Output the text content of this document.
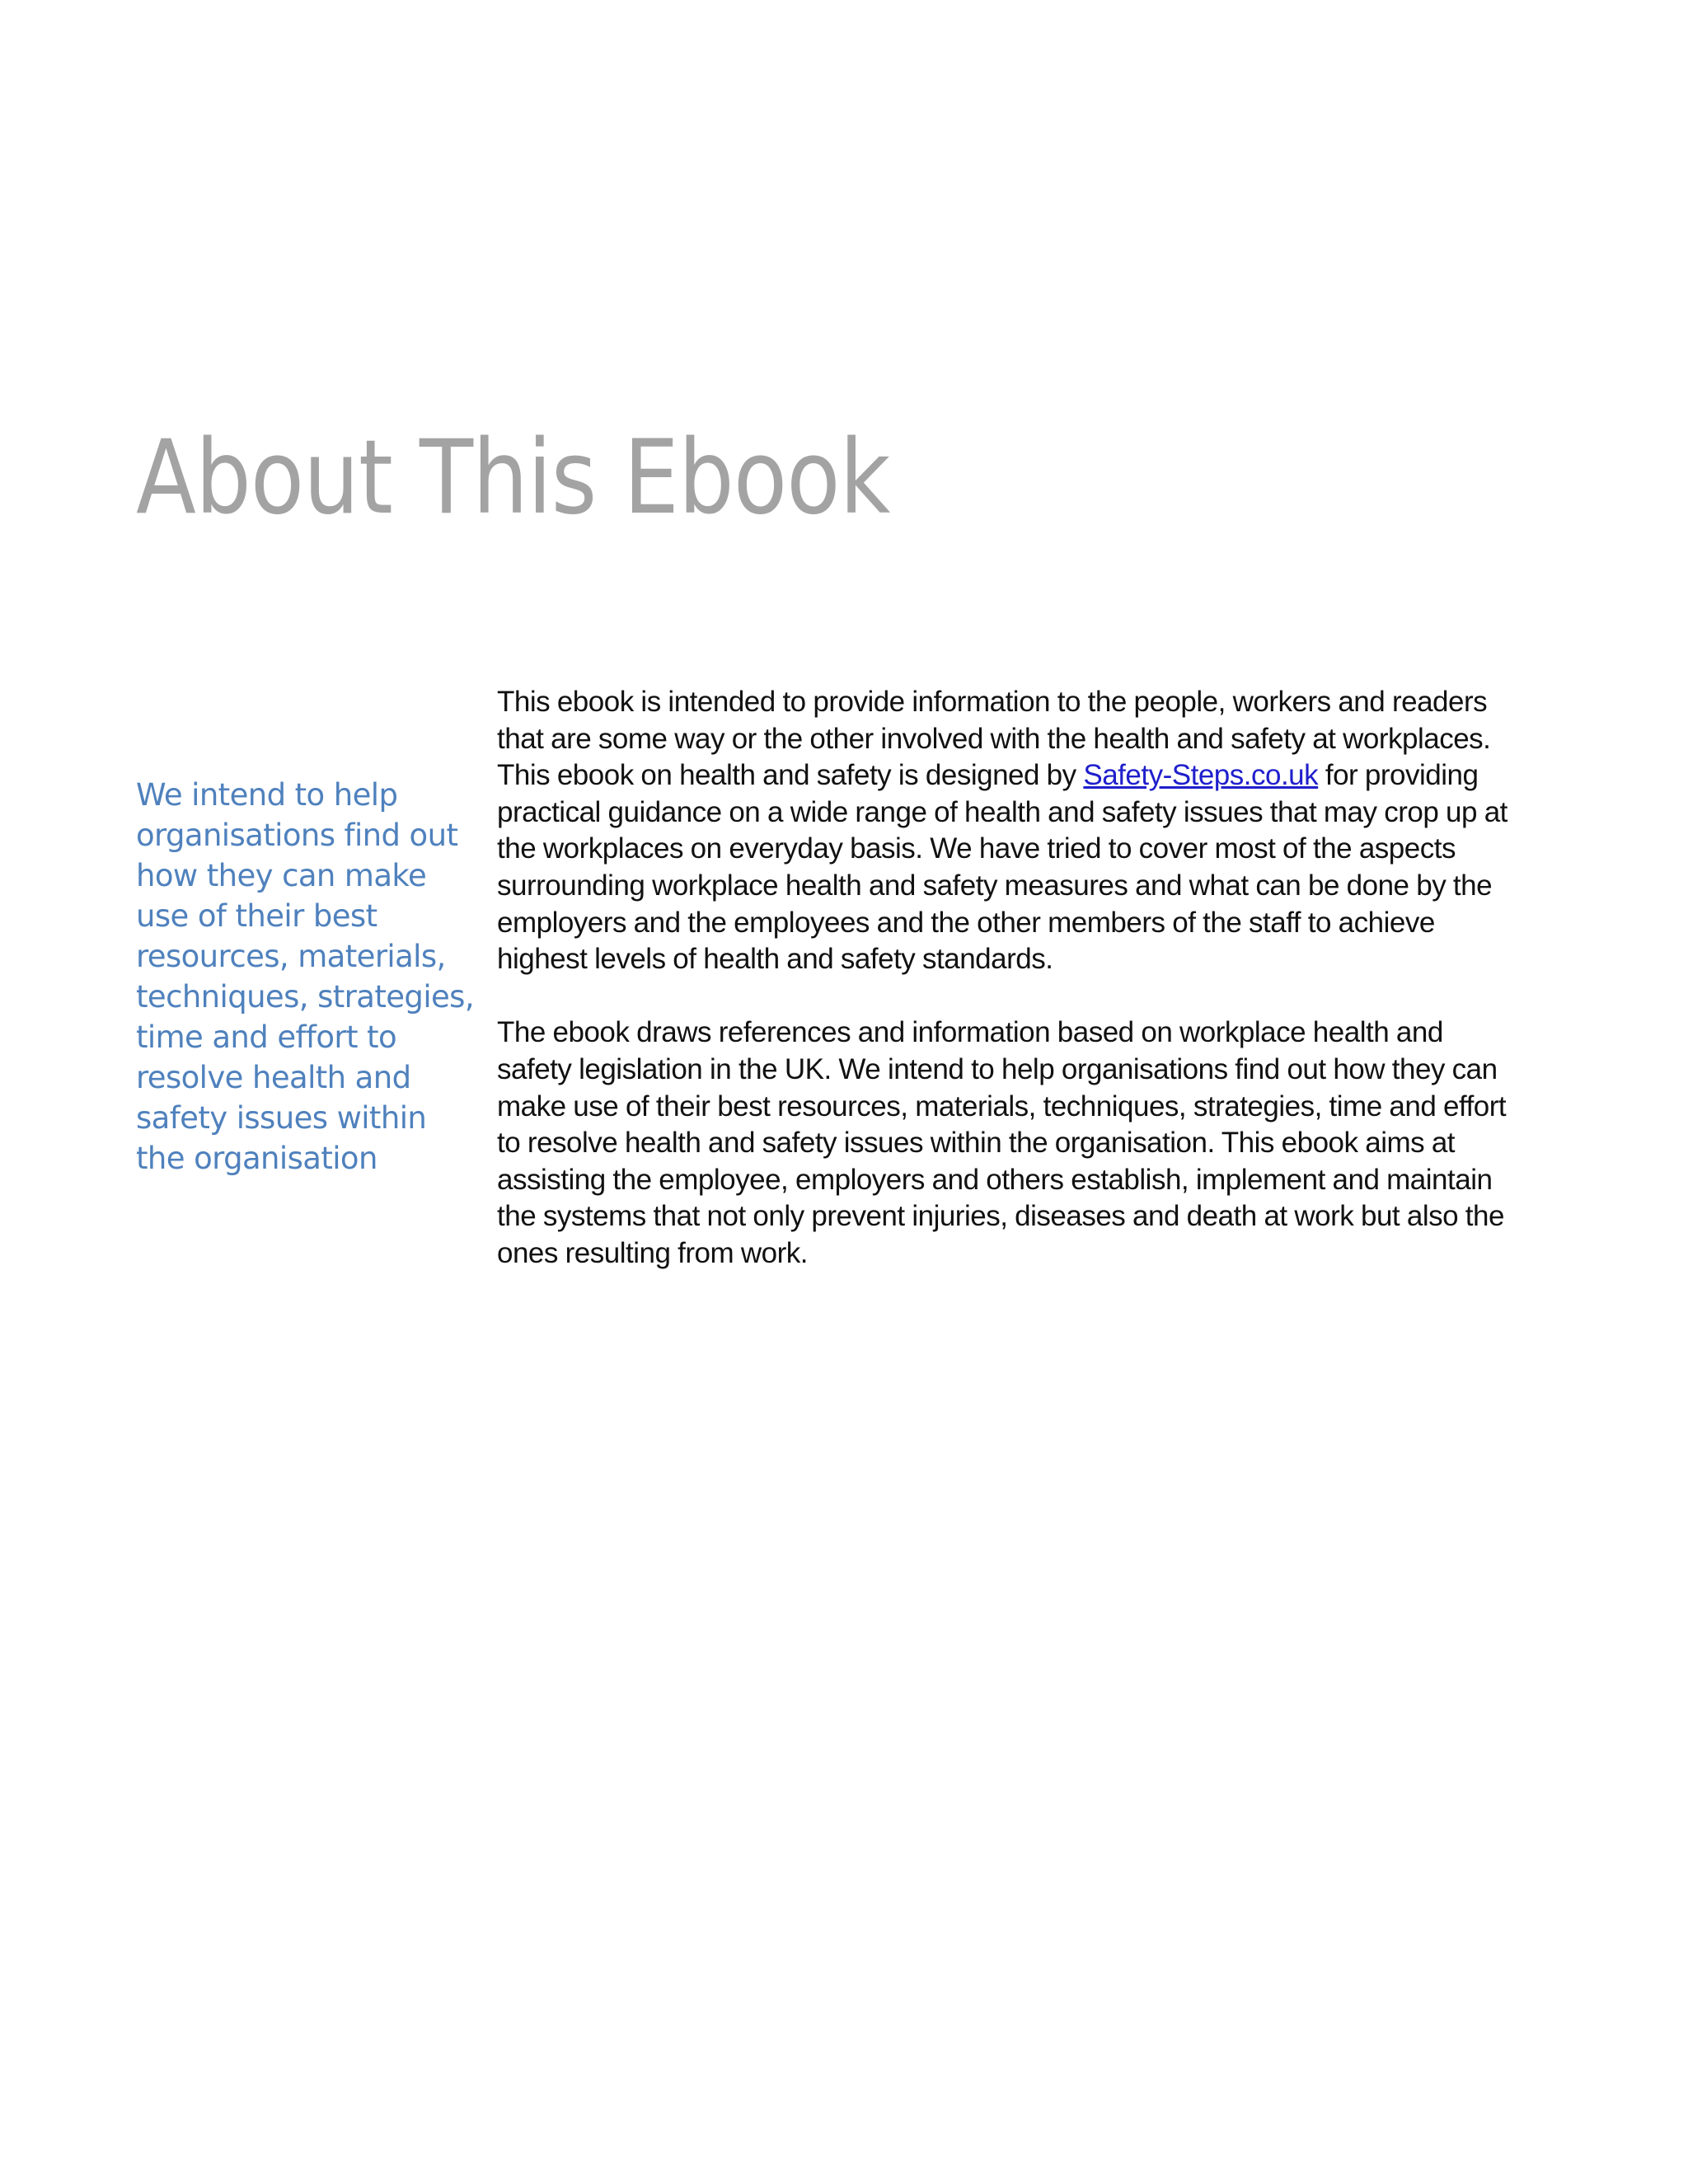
About This Ebook

We intend to help organisations find out how they can make use of their best resources, materials, techniques, strategies, time and effort to resolve health and safety issues within the organisation

This ebook is intended to provide information to the people, workers and readers that are some way or the other involved with the health and safety at workplaces. This ebook on health and safety is designed by Safety-Steps.co.uk for providing practical guidance on a wide range of health and safety issues that may crop up at the workplaces on everyday basis. We have tried to cover most of the aspects surrounding workplace health and safety measures and what can be done by the employers and the employees and the other members of the staff to achieve highest levels of health and safety standards.

The ebook draws references and information based on workplace health and safety legislation in the UK. We intend to help organisations find out how they can make use of their best resources, materials, techniques, strategies, time and effort to resolve health and safety issues within the organisation. This ebook aims at assisting the employee, employers and others establish, implement and maintain the systems that not only prevent injuries, diseases and death at work but also the ones resulting from work.
